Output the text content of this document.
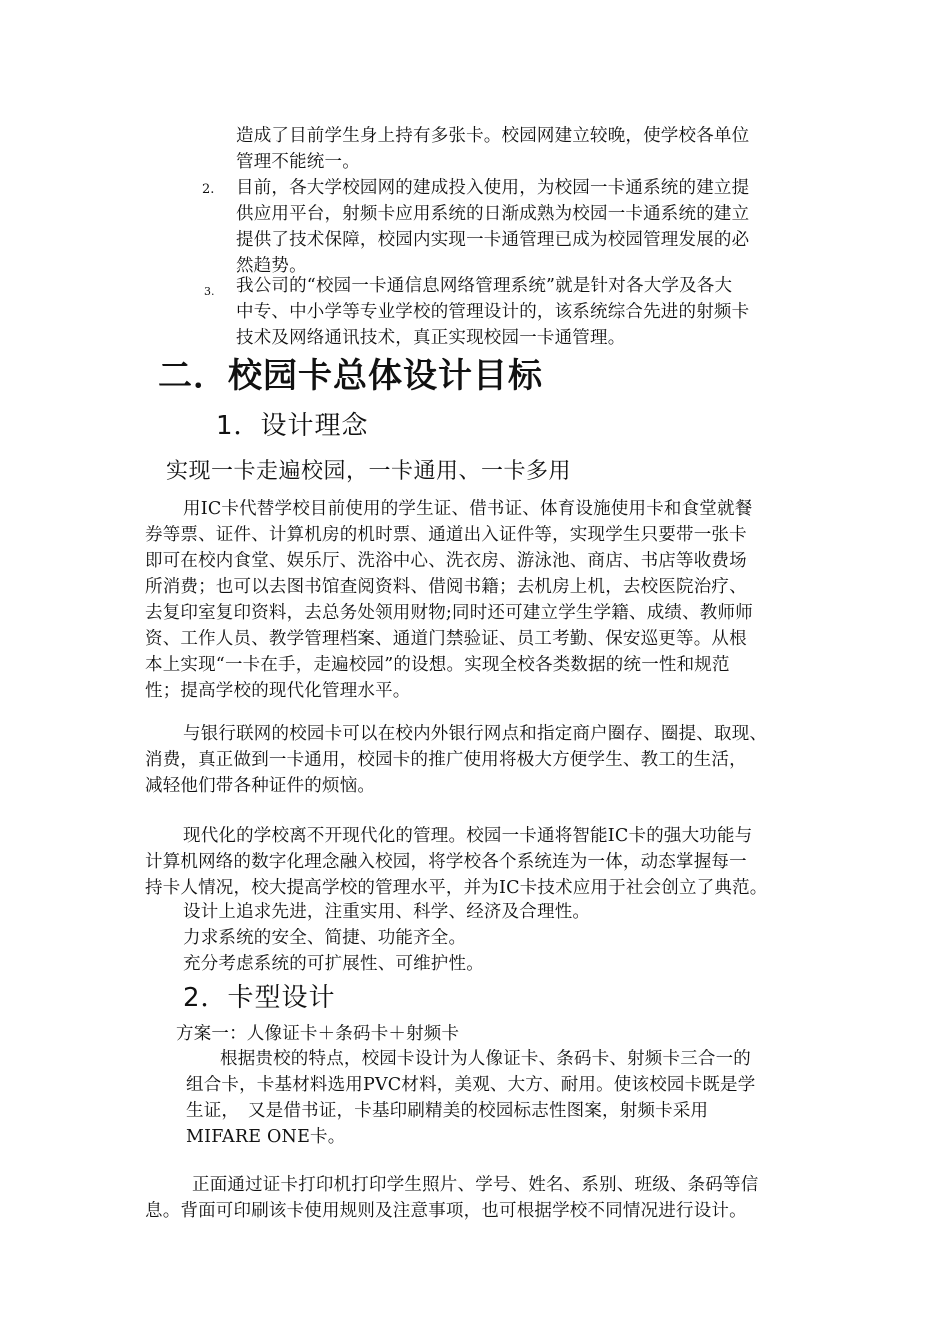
造成了目前学生身上持有多张卡。校园网建立较晚，使学校各单位
管理不能统一。
2. 目前，各大学校园网的建成投入使用，为校园一卡通系统的建立提
供应用平台，射频卡应用系统的日渐成熟为校园一卡通系统的建立
提供了技术保障，校园内实现一卡通管理已成为校园管理发展的必
然趋势。
3. 我公司的“校园一卡通信息网络管理系统”就是针对各大学及各大
中专、中小学等专业学校的管理设计的，该系统综合先进的射频卡
技术及网络通讯技术，真正实现校园一卡通管理。
二．校园卡总体设计目标
1．设计理念
实现一卡走遍校园，一卡通用、一卡多用
用IC卡代替学校目前使用的学生证、借书证、体育设施使用卡和食堂就餐
券等票、证件、计算机房的机时票、通道出入证件等，实现学生只要带一张卡
即可在校内食堂、娱乐厅、洗浴中心、洗衣房、游泳池、商店、书店等收费场
所消费；也可以去图书馆查阅资料、借阅书籍；去机房上机，去校医院治疗、
去复印室复印资料，去总务处领用财物;同时还可建立学生学籍、成绩、教师师
资、工作人员、教学管理档案、通道门禁验证、员工考勤、保安巡更等。从根
本上实现“一卡在手，走遍校园”的设想。实现全校各类数据的统一性和规范
性；提高学校的现代化管理水平。
与银行联网的校园卡可以在校内外银行网点和指定商户圈存、圈提、取现、
消费，真正做到一卡通用，校园卡的推广使用将极大方便学生、教工的生活，
减轻他们带各种证件的烦恼。
现代化的学校离不开现代化的管理。校园一卡通将智能IC卡的强大功能与
计算机网络的数字化理念融入校园，将学校各个系统连为一体，动态掌握每一
持卡人情况，校大提高学校的管理水平，并为IC卡技术应用于社会创立了典范。
设计上追求先进，注重实用、科学、经济及合理性。
力求系统的安全、简捷、功能齐全。
充分考虑系统的可扩展性、可维护性。
2．卡型设计
方案一：人像证卡＋条码卡＋射频卡
根据贵校的特点，校园卡设计为人像证卡、条码卡、射频卡三合一的
组合卡，卡基材料选用PVC材料，美观、大方、耐用。使该校园卡既是学
生证，　又是借书证，卡基印刷精美的校园标志性图案，射频卡采用
MIFARE ONE卡。
正面通过证卡打印机打印学生照片、学号、姓名、系别、班级、条码等信
息。背面可印刷该卡使用规则及注意事项，也可根据学校不同情况进行设计。
